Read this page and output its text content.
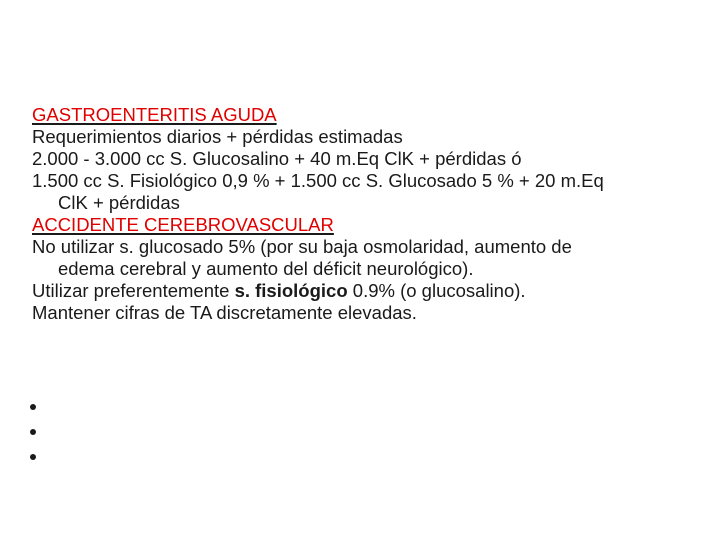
GASTROENTERITIS AGUDA
Requerimientos diarios + pérdidas estimadas
2.000 - 3.000 cc S. Glucosalino + 40 m.Eq ClK + pérdidas ó
1.500 cc S. Fisiológico 0,9 % + 1.500 cc S. Glucosado 5 % + 20 m.Eq
ClK + pérdidas
ACCIDENTE CEREBROVASCULAR
No utilizar s. glucosado 5% (por su baja osmolaridad, aumento de
edema cerebral y aumento del déficit neurológico).
Utilizar preferentemente s. fisiológico 0.9% (o glucosalino).
Mantener cifras de TA discretamente elevadas.
